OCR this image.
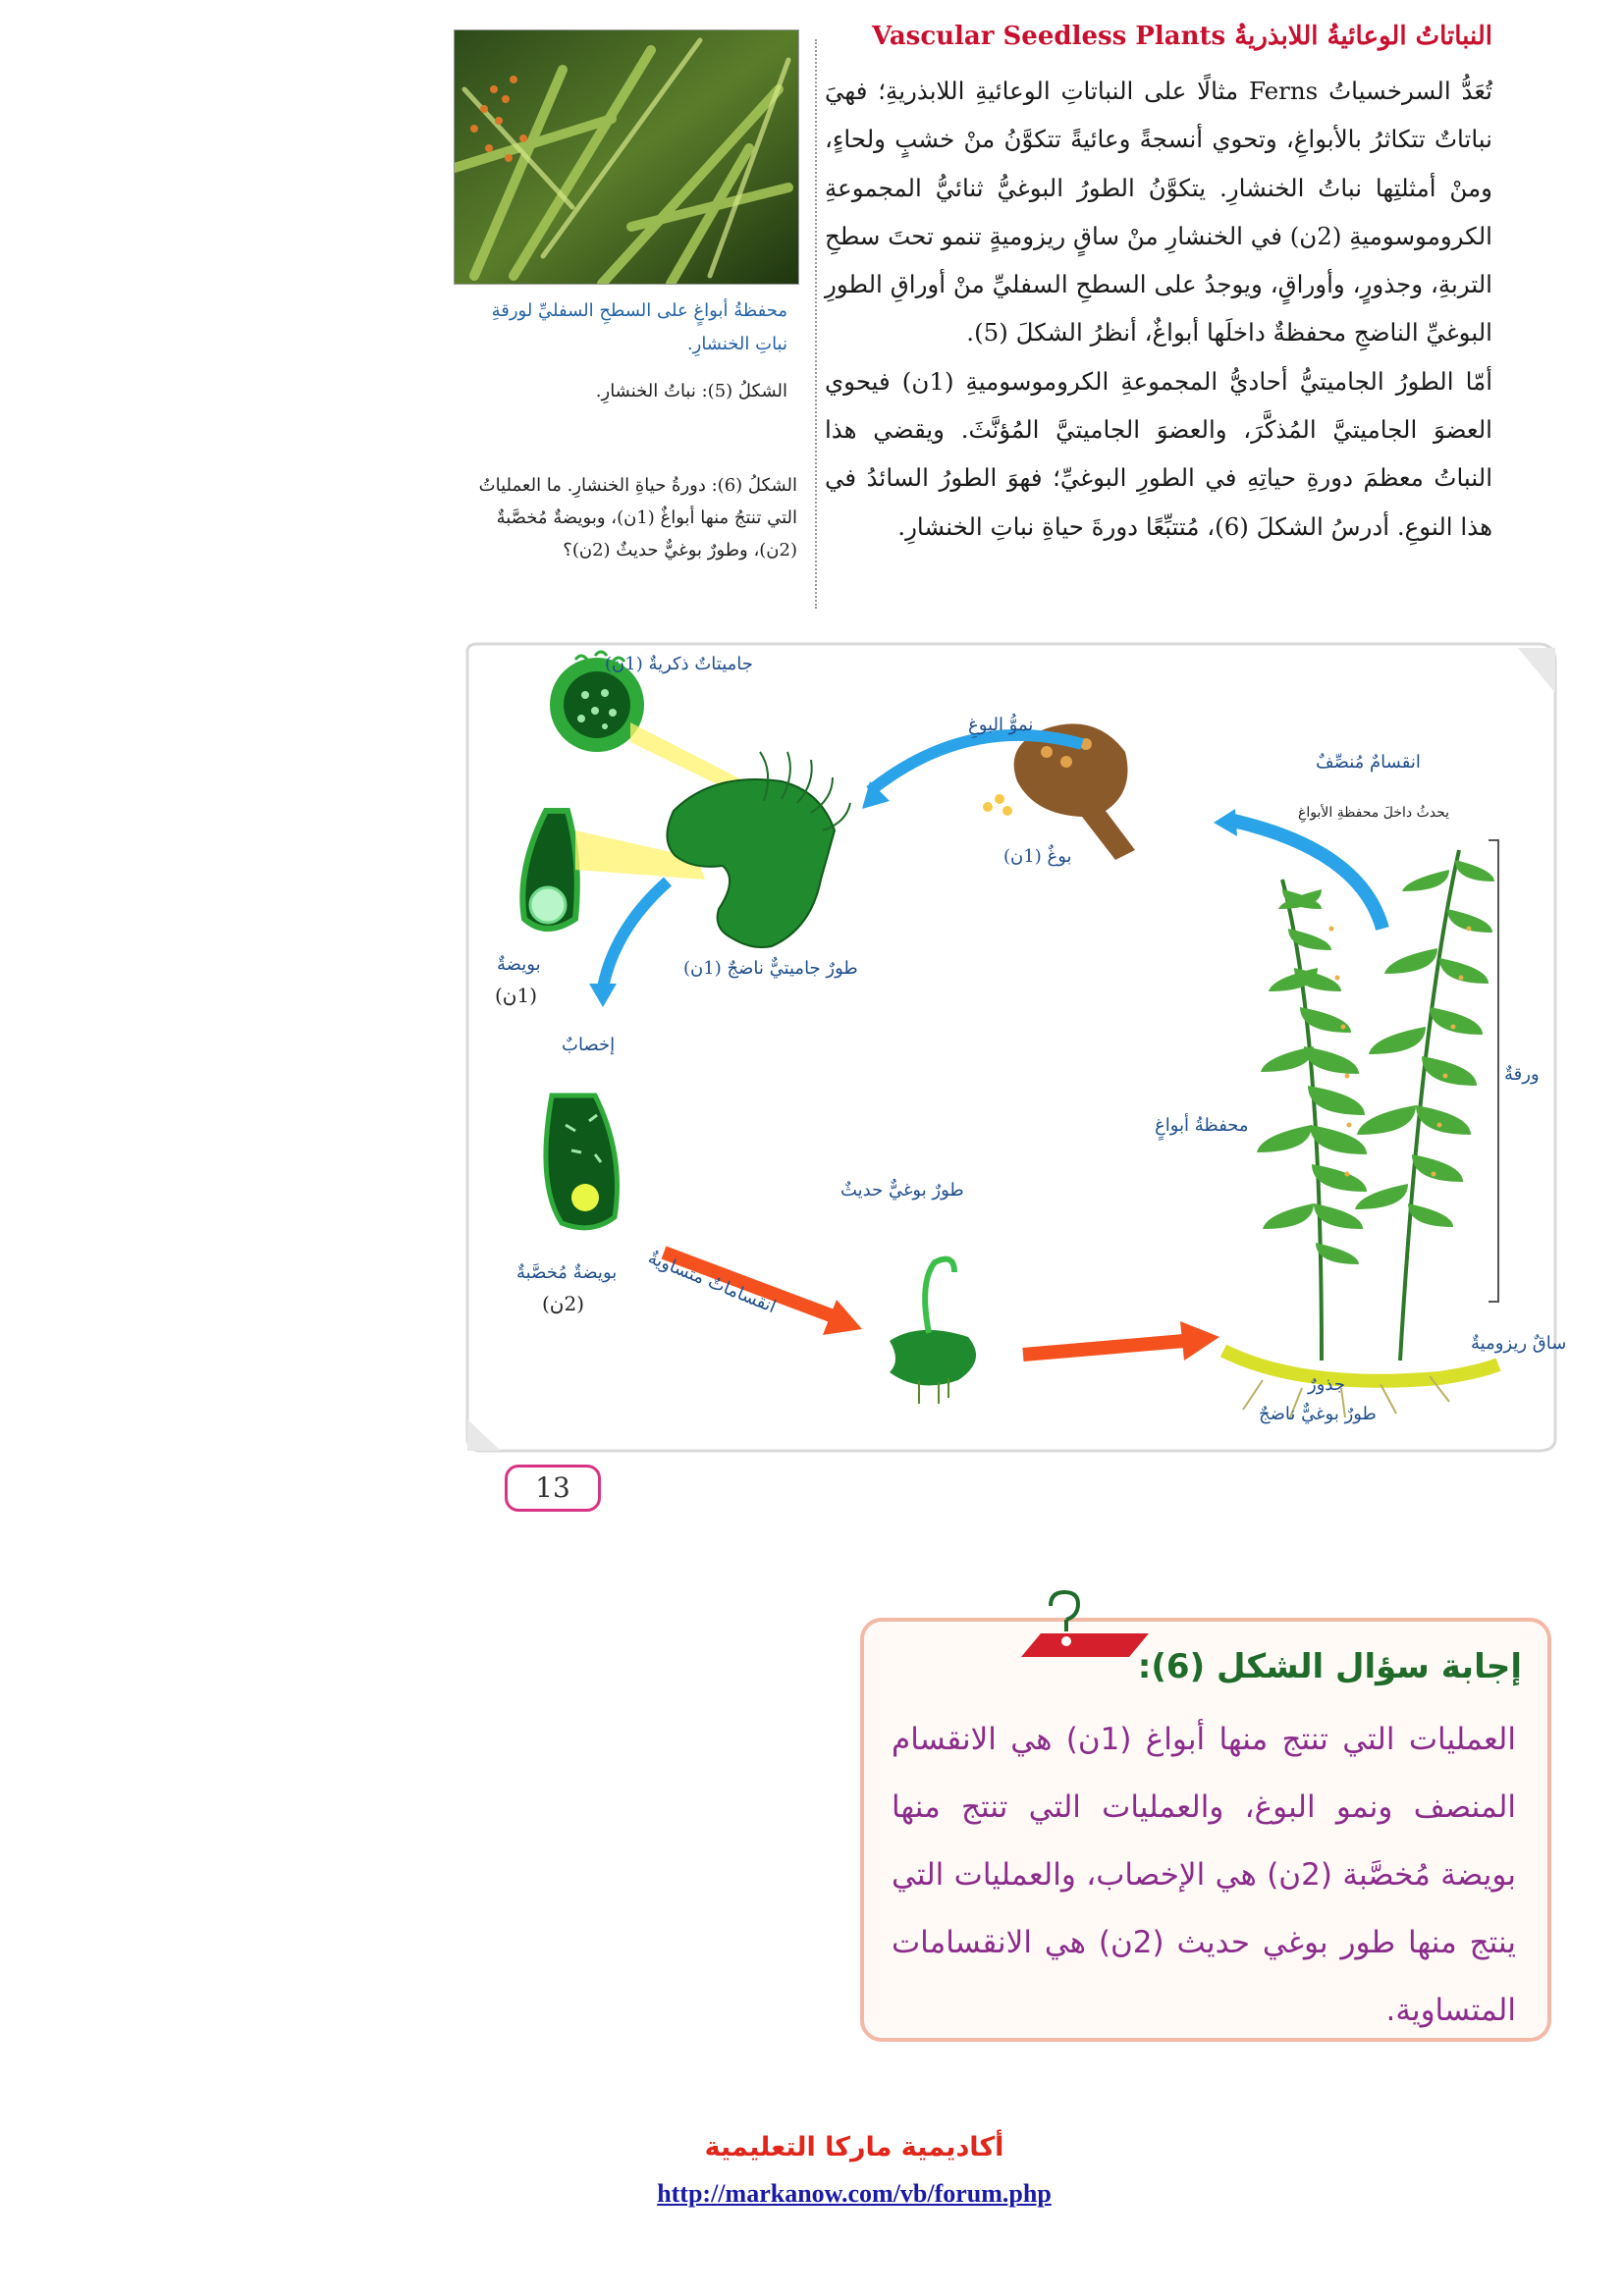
النباتاتُ الوعائيةُ اللابذريةُ Vascular Seedless Plants

تُعَدُّ السرخسياتُ Ferns مثالًا على النباتاتِ الوعائيةِ اللابذريةِ؛ فهيَ نباتاتٌ تتكاثرُ بالأبواغِ، وتحوي أنسجةً وعائيةً تتكوَّنُ منْ خشبٍ ولحاءٍ، ومنْ أمثلتِها نباتُ الخنشارِ. يتكوَّنُ الطورُ البوغيُّ ثنائيُّ المجموعةِ الكروموسوميةِ (2ن) في الخنشارِ منْ ساقٍ ريزوميةٍ تنمو تحتَ سطحِ التربةِ، وجذورٍ، وأوراقٍ، ويوجدُ على السطحِ السفليِّ منْ أوراقِ الطورِ البوغيِّ الناضجِ محفظةٌ داخلَها أبواغٌ، أنظرُ الشكلَ (5).

أمّا الطورُ الجاميتيُّ أحاديُّ المجموعةِ الكروموسوميةِ (1ن) فيحوي العضوَ الجاميتيَّ المُذكَّرَ، والعضوَ الجاميتيَّ المُؤنَّثَ. ويقضي هذا النباتُ معظمَ دورةِ حياتِهِ في الطورِ البوغيِّ؛ فهوَ الطورُ السائدُ في هذا النوعِ. أدرسُ الشكلَ (6)، مُتتبِّعًا دورةَ حياةِ نباتِ الخنشارِ.

محفظةُ أبواغٍ على السطحِ السفليِّ لورقةِ نباتِ الخنشارِ.
الشكلُ (5): نباتُ الخنشارِ.
الشكلُ (6): دورةُ حياةِ الخنشارِ. ما العملياتُ التي تنتجُ منها أبواغٌ (1ن)، وبويضةٌ مُخصَّبةٌ (2ن)، وطورٌ بوغيٌّ حديثٌ (2ن)؟
جاميتاتٌ ذكريةٌ (1ن)
نموُّ البوغِ
انقسامٌ مُنصِّفٌ
يحدثُ داخلَ محفظةِ الأبواغِ
بوغٌ (1ن)
بويضةٌ
(1ن)
طورٌ جاميتيٌّ ناضجٌ (1ن)
إخصابٌ
ورقةٌ
محفظةُ أبواغٍ
طورٌ بوغيٌّ حديثٌ
بويضةٌ مُخصَّبةٌ
(2ن)	انقساماتٌ متساويةٌ
ساقٌ ريزوميةٌ
جذورٌ
طورٌ بوغيٌّ ناضجٌ
13
إجابة سؤال الشكل (6):
العمليات التي تنتج منها أبواغ (1ن) هي الانقسام المنصف ونمو البوغ، والعمليات التي تنتج منها بويضة مُخصَّبة (2ن) هي الإخصاب، والعمليات التي ينتج منها طور بوغي حديث (2ن) هي الانقسامات المتساوية.
أكاديمية ماركا التعليمية
http://markanow.com/vb/forum.php
